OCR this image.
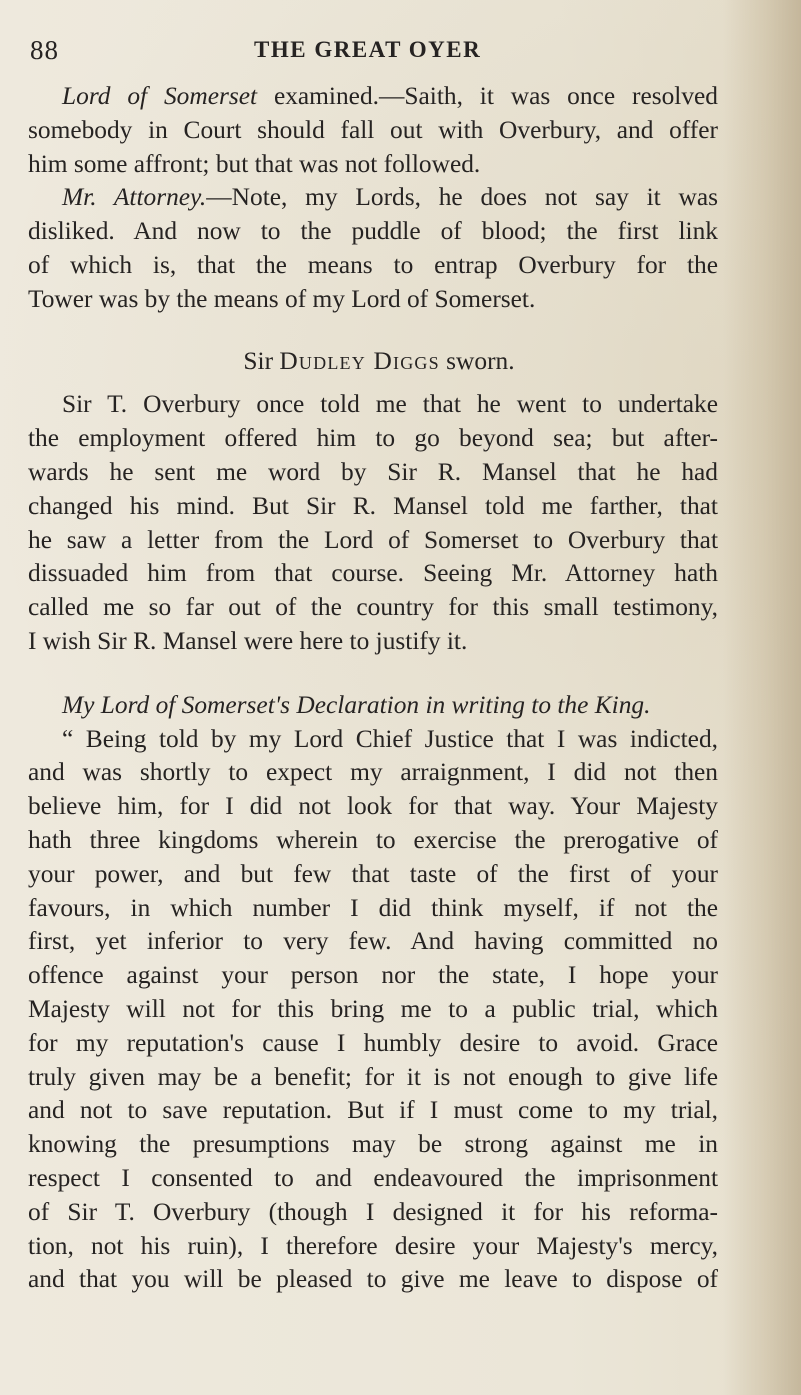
88	THE GREAT OYER
Lord of Somerset examined.—Saith, it was once resolved
somebody in Court should fall out with Overbury, and offer
him some affront; but that was not followed.
Mr. Attorney.—Note, my Lords, he does not say it was
disliked. And now to the puddle of blood; the first link
of which is, that the means to entrap Overbury for the
Tower was by the means of my Lord of Somerset.
Sir Dudley Diggs sworn.
Sir T. Overbury once told me that he went to undertake
the employment offered him to go beyond sea; but after-
wards he sent me word by Sir R. Mansel that he had
changed his mind. But Sir R. Mansel told me farther, that
he saw a letter from the Lord of Somerset to Overbury that
dissuaded him from that course. Seeing Mr. Attorney hath
called me so far out of the country for this small testimony,
I wish Sir R. Mansel were here to justify it.
My Lord of Somerset's Declaration in writing to the King.
“ Being told by my Lord Chief Justice that I was indicted,
and was shortly to expect my arraignment, I did not then
believe him, for I did not look for that way. Your Majesty
hath three kingdoms wherein to exercise the prerogative of
your power, and but few that taste of the first of your
favours, in which number I did think myself, if not the
first, yet inferior to very few. And having committed no
offence against your person nor the state, I hope your
Majesty will not for this bring me to a public trial, which
for my reputation's cause I humbly desire to avoid. Grace
truly given may be a benefit; for it is not enough to give life
and not to save reputation. But if I must come to my trial,
knowing the presumptions may be strong against me in
respect I consented to and endeavoured the imprisonment
of Sir T. Overbury (though I designed it for his reforma-
tion, not his ruin), I therefore desire your Majesty's mercy,
and that you will be pleased to give me leave to dispose of
